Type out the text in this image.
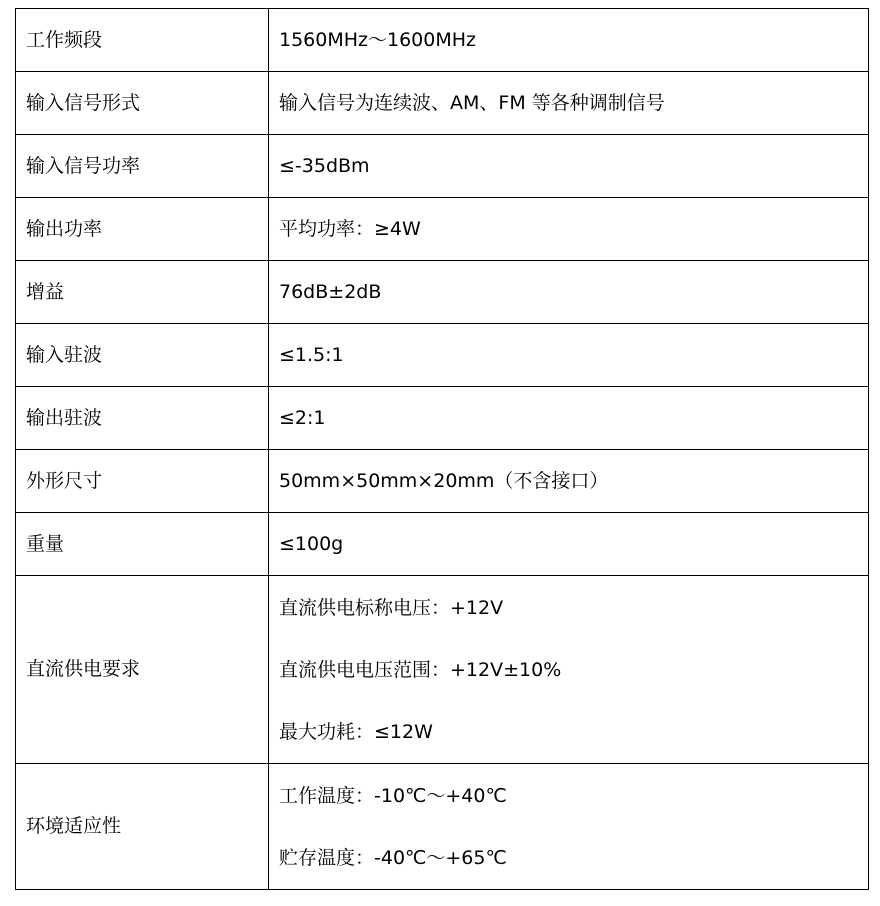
工作频段	1560MHz～1600MHz
输入信号形式	输入信号为连续波、AM、FM 等各种调制信号
输入信号功率	≤-35dBm
输出功率	平均功率：≥4W
增益	76dB±2dB
输入驻波	≤1.5:1
输出驻波	≤2:1
外形尺寸	50mm×50mm×20mm（不含接口）
重量	≤100g
直流供电要求	直流供电标称电压：+12V
直流供电电压范围：+12V±10%
最大功耗：≤12W

环境适应性	工作温度：-10℃～+40℃
贮存温度：-40℃～+65℃
